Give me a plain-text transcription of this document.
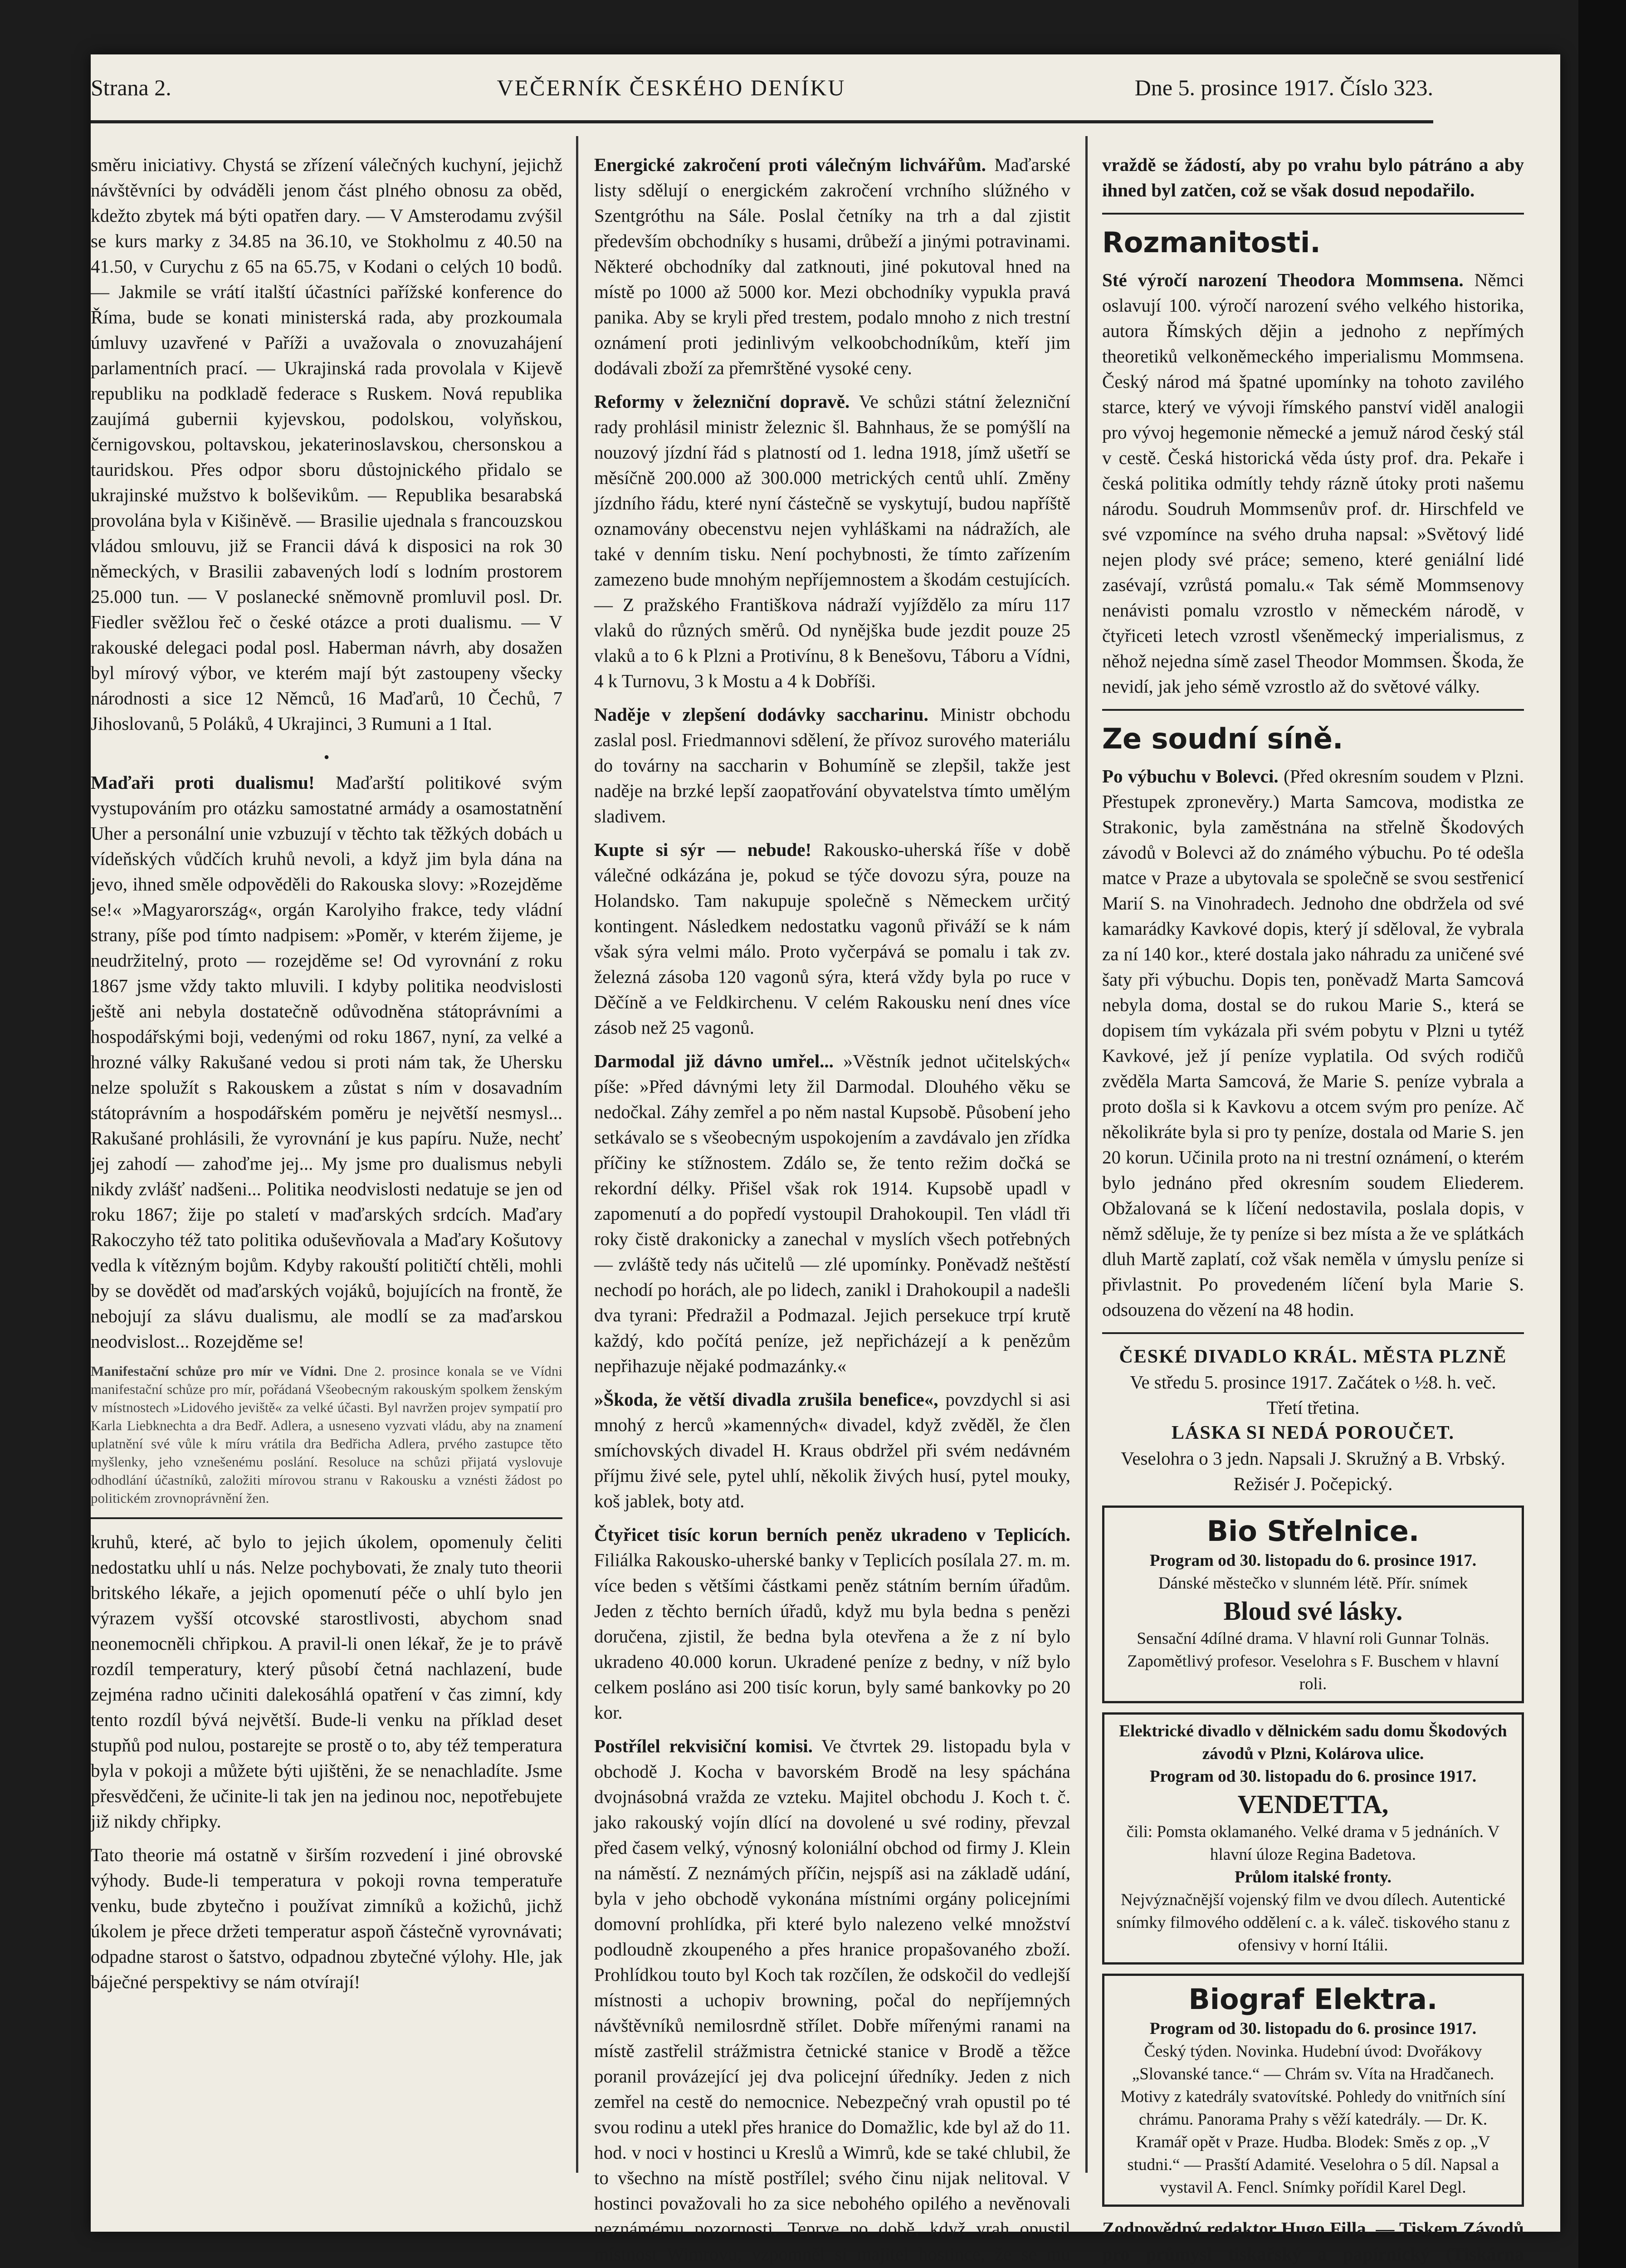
Strana 2.	VEČERNÍK ČESKÉHO DENÍKU	Dne 5. prosince 1917. Číslo 323.

směru iniciativy. Chystá se zřízení válečných kuchyní, jejichž návštěvníci by odváděli jenom část plného obnosu za oběd, kdežto zbytek má býti opatřen dary. — V Amsterodamu zvýšil se kurs marky z 34.85 na 36.10, ve Stokholmu z 40.50 na 41.50, v Curychu z 65 na 65.75, v Kodani o celých 10 bodů. — Jakmile se vrátí italští účastníci pařížské konference do Říma, bude se konati ministerská rada, aby prozkoumala úmluvy uzavřené v Paříži a uvažovala o znovuzahájení parlamentních prací. — Ukrajinská rada provolala v Kijevě republiku na podkladě federace s Ruskem. Nová republika zaujímá gubernii kyjevskou, podolskou, volyňskou, černigovskou, poltavskou, jekaterinoslavskou, chersonskou a tauridskou. Přes odpor sboru důstojnického přidalo se ukrajinské mužstvo k bolševikům. — Republika besarabská provolána byla v Kišiněvě. — Brasilie ujednala s francouzskou vládou smlouvu, již se Francii dává k disposici na rok 30 německých, v Brasilii zabavených lodí s lodním prostorem 25.000 tun. — V poslanecké sněmovně promluvil posl. Dr. Fiedler svěžlou řeč o české otázce a proti dualismu. — V rakouské delegaci podal posl. Haberman návrh, aby dosažen byl mírový výbor, ve kterém mají být zastoupeny všecky národnosti a sice 12 Němců, 16 Maďarů, 10 Čechů, 7 Jihoslovanů, 5 Poláků, 4 Ukrajinci, 3 Rumuni a 1 Ital.

•

Maďaři proti dualismu! Maďarští politikové svým vystupováním pro otázku samostatné armády a osamostatnění Uher a personální unie vzbuzují v těchto tak těžkých dobách u vídeňských vůdčích kruhů nevoli, a když jim byla dána na jevo, ihned směle odpověděli do Rakouska slovy: »Rozejděme se!« »Magyarország«, orgán Karolyiho frakce, tedy vládní strany, píše pod tímto nadpisem: »Poměr, v kterém žijeme, je neudržitelný, proto — rozejděme se! Od vyrovnání z roku 1867 jsme vždy takto mluvili. I kdyby politika neodvislosti ještě ani nebyla dostatečně odůvodněna státoprávními a hospodářskými boji, vedenými od roku 1867, nyní, za velké a hrozné války Rakušané vedou si proti nám tak, že Uhersku nelze spolužít s Rakouskem a zůstat s ním v dosavadním státoprávním a hospodářském poměru je největší nesmysl... Rakušané prohlásili, že vyrovnání je kus papíru. Nuže, nechť jej zahodí — zahoďme jej... My jsme pro dualismus nebyli nikdy zvlášť nadšeni... Politika neodvislosti nedatuje se jen od roku 1867; žije po staletí v maďarských srdcích. Maďary Rakoczyho též tato politika oduševňovala a Maďary Košutovy vedla k vítězným bojům. Kdyby rakouští političtí chtěli, mohli by se dovědět od maďarských vojáků, bojujících na frontě, že nebojují za slávu dualismu, ale modlí se za maďarskou neodvislost... Rozejděme se!

Manifestační schůze pro mír ve Vídni. Dne 2. prosince konala se ve Vídni manifestační schůze pro mír, pořádaná Všeobecným rakouským spolkem ženským v místnostech »Lidového jeviště« za velké účasti. Byl navržen projev sympatií pro Karla Liebknechta a dra Bedř. Adlera, a usneseno vyzvati vládu, aby na znamení uplatnění své vůle k míru vrátila dra Bedřicha Adlera, prvého zastupce těto myšlenky, jeho vznešenému poslání. Resoluce na schůzi přijatá vyslovuje odhodlání účastníků, založiti mírovou stranu v Rakousku a vznésti žádost po politickém zrovnoprávnění žen.

kruhů, které, ač bylo to jejich úkolem, opomenuly čeliti nedostatku uhlí u nás. Nelze pochybovati, že znaly tuto theorii britského lékaře, a jejich opomenutí péče o uhlí bylo jen výrazem vyšší otcovské starostlivosti, abychom snad neonemocněli chřipkou. A pravil-li onen lékař, že je to právě rozdíl temperatury, který působí četná nachlazení, bude zejména radno učiniti dalekosáhlá opatření v čas zimní, kdy tento rozdíl bývá největší. Bude-li venku na příklad deset stupňů pod nulou, postarejte se prostě o to, aby též temperatura byla v pokoji a můžete býti ujištěni, že se nenachladíte. Jsme přesvědčeni, že učinite-li tak jen na jedinou noc, nepotřebujete již nikdy chřipky.

Tato theorie má ostatně v širším rozvedení i jiné obrovské výhody. Bude-li temperatura v pokoji rovna temperatuře venku, bude zbytečno i používat zimníků a kožichů, jichž úkolem je přece držeti temperatur aspoň částečně vyrovnávati; odpadne starost o šatstvo, odpadnou zbytečné výlohy. Hle, jak báječné perspektivy se nám otvírají!

Energické zakročení proti válečným lichvářům. Maďarské listy sdělují o energickém zakročení vrchního slúžného v Szentgróthu na Sále. Poslal četníky na trh a dal zjistit především obchodníky s husami, drůbeží a jinými potravinami. Některé obchodníky dal zatknouti, jiné pokutoval hned na místě po 1000 až 5000 kor. Mezi obchodníky vypukla pravá panika. Aby se kryli před trestem, podalo mnoho z nich trestní oznámení proti jedinlivým velkoobchodníkům, kteří jim dodávali zboží za přemrštěné vysoké ceny.

Reformy v železniční dopravě. Ve schůzi státní železniční rady prohlásil ministr železnic šl. Bahnhaus, že se pomýšlí na nouzový jízdní řád s platností od 1. ledna 1918, jímž ušetří se měsíčně 200.000 až 300.000 metrických centů uhlí. Změny jízdního řádu, které nyní částečně se vyskytují, budou napříště oznamovány obecenstvu nejen vyhláškami na nádražích, ale také v denním tisku. Není pochybnosti, že tímto zařízením zamezeno bude mnohým nepříjemnostem a škodám cestujících. — Z pražského Františkova nádraží vyjíždělo za míru 117 vlaků do různých směrů. Od nynějška bude jezdit pouze 25 vlaků a to 6 k Plzni a Protivínu, 8 k Benešovu, Táboru a Vídni, 4 k Turnovu, 3 k Mostu a 4 k Dobříši.

Naděje v zlepšení dodávky saccharinu. Ministr obchodu zaslal posl. Friedmannovi sdělení, že přívoz surového materiálu do továrny na saccharin v Bohumíně se zlepšil, takže jest naděje na brzké lepší zaopatřování obyvatelstva tímto umělým sladivem.

Kupte si sýr — nebude! Rakousko-uherská říše v době válečné odkázána je, pokud se týče dovozu sýra, pouze na Holandsko. Tam nakupuje společně s Německem určitý kontingent. Následkem nedostatku vagonů přiváží se k nám však sýra velmi málo. Proto vyčerpává se pomalu i tak zv. železná zásoba 120 vagonů sýra, která vždy byla po ruce v Děčíně a ve Feldkirchenu. V celém Rakousku není dnes více zásob než 25 vagonů.

Darmodal již dávno umřel... »Věstník jednot učitelských« píše: »Před dávnými lety žil Darmodal. Dlouhého věku se nedočkal. Záhy zemřel a po něm nastal Kupsobě. Působení jeho setkávalo se s všeobecným uspokojením a zavdávalo jen zřídka příčiny ke stížnostem. Zdálo se, že tento režim dočká se rekordní délky. Přišel však rok 1914. Kupsobě upadl v zapomenutí a do popředí vystoupil Drahokoupil. Ten vládl tři roky čistě drakonicky a zanechal v myslích všech potřebných — zvláště tedy nás učitelů — zlé upomínky. Poněvadž neštěstí nechodí po horách, ale po lidech, zanikl i Drahokoupil a nadešli dva tyrani: Předražil a Podmazal. Jejich persekuce trpí krutě každý, kdo počítá peníze, jež nepřicházejí a k penězům nepřihazuje nějaké podmazánky.«

»Škoda, že větší divadla zrušila benefice«, povzdychl si asi mnohý z herců »kamenných« divadel, když zvěděl, že člen smíchovských divadel H. Kraus obdržel při svém nedávném příjmu živé sele, pytel uhlí, několik živých husí, pytel mouky, koš jablek, boty atd.

Čtyřicet tisíc korun berních peněz ukradeno v Teplicích. Filiálka Rakousko-uherské banky v Teplicích posílala 27. m. m. více beden s většími částkami peněz státním berním úřadům. Jeden z těchto berních úřadů, když mu byla bedna s penězi doručena, zjistil, že bedna byla otevřena a že z ní bylo ukradeno 40.000 korun. Ukradené peníze z bedny, v níž bylo celkem posláno asi 200 tisíc korun, byly samé bankovky po 20 kor.

Postřílel rekvisiční komisi. Ve čtvrtek 29. listopadu byla v obchodě J. Kocha v bavorském Brodě na lesy spáchána dvojnásobná vražda ze vzteku. Majitel obchodu J. Koch t. č. jako rakouský vojín dlící na dovolené u své rodiny, převzal před časem velký, výnosný koloniální obchod od firmy J. Klein na náměstí. Z neznámých příčin, nejspíš asi na základě udání, byla v jeho obchodě vykonána místními orgány policejními domovní prohlídka, při které bylo nalezeno velké množství podloudně zkoupeného a přes hranice propašovaného zboží. Prohlídkou touto byl Koch tak rozčílen, že odskočil do vedlejší místnosti a uchopiv browning, počal do nepříjemných návštěvníků nemilosrdně střílet. Dobře mířenými ranami na místě zastřelil strážmistra četnické stanice v Brodě a těžce poranil provázející jej dva policejní úředníky. Jeden z nich zemřel na cestě do nemocnice. Nebezpečný vrah opustil po té svou rodinu a utekl přes hranice do Domažlic, kde byl až do 11. hod. v noci v hostinci u Kreslů a Wimrů, kde se také chlubil, že to všechno na místě postřílel; svého činu nijak nelitoval. V hostinci považovali ho za sice nebohého opilého a nevěnovali neznámému pozornosti. Teprve po době, když vrah opustil místnost Wimrovu, vzpomněl si majitel hostince, že se mu

vraždě se žádostí, aby po vrahu bylo pátráno a aby ihned byl zatčen, což se však dosud nepodařilo.

Rozmanitosti.

Sté výročí narození Theodora Mommsena. Němci oslavují 100. výročí narození svého velkého historika, autora Římských dějin a jednoho z nepřímých theoretiků velkoněmeckého imperialismu Mommsena. Český národ má špatné upomínky na tohoto zavilého starce, který ve vývoji římského panství viděl analogii pro vývoj hegemonie německé a jemuž národ český stál v cestě. Česká historická věda ústy prof. dra. Pekaře i česká politika odmítly tehdy rázně útoky proti našemu národu. Soudruh Mommsenův prof. dr. Hirschfeld ve své vzpomínce na svého druha napsal: »Světový lidé nejen plody své práce; semeno, které geniální lidé zasévají, vzrůstá pomalu.« Tak sémě Mommsenovy nenávisti pomalu vzrostlo v německém národě, v čtyřiceti letech vzrostl všeněmecký imperialismus, z něhož nejedna símě zasel Theodor Mommsen. Škoda, že nevidí, jak jeho sémě vzrostlo až do světové války.

Ze soudní síně.

Po výbuchu v Bolevci. (Před okresním soudem v Plzni. Přestupek zpronevěry.) Marta Samcova, modistka ze Strakonic, byla zaměstnána na střelně Škodových závodů v Bolevci až do známého výbuchu. Po té odešla matce v Praze a ubytovala se společně se svou sestřenicí Marií S. na Vinohradech. Jednoho dne obdržela od své kamarádky Kavkové dopis, který jí sděloval, že vybrala za ní 140 kor., které dostala jako náhradu za uničené své šaty při výbuchu. Dopis ten, poněvadž Marta Samcová nebyla doma, dostal se do rukou Marie S., která se dopisem tím vykázala při svém pobytu v Plzni u tytéž Kavkové, jež jí peníze vyplatila. Od svých rodičů zvěděla Marta Samcová, že Marie S. peníze vybrala a proto došla si k Kavkovu a otcem svým pro peníze. Ač několikráte byla si pro ty peníze, dostala od Marie S. jen 20 korun. Učinila proto na ni trestní oznámení, o kterém bylo jednáno před okresním soudem Eliederem. Obžalovaná se k líčení nedostavila, poslala dopis, v němž sděluje, že ty peníze si bez místa a že ve splátkách dluh Martě zaplatí, což však neměla v úmyslu peníze si přivlastnit. Po provedeném líčení byla Marie S. odsouzena do vězení na 48 hodin.

ČESKÉ DIVADLO KRÁL. MĚSTA PLZNĚ
Ve středu 5. prosince 1917. Začátek o ½8. h. več.
Třetí třetina.
LÁSKA SI NEDÁ POROUČET.
Veselohra o 3 jedn. Napsali J. Skružný a B. Vrbský. Režisér J. Počepický.
Bio Střelnice.
Program od 30. listopadu do 6. prosince 1917.
Dánské městečko v slunném létě. Přír. snímek
Bloud své lásky.
Sensační 4dílné drama. V hlavní roli Gunnar Tolnäs.
Zapomětlivý profesor. Veselohra s F. Buschem v hlavní roli.
Elektrické divadlo v dělnickém sadu domu Škodových závodů v Plzni, Kolárova ulice.
Program od 30. listopadu do 6. prosince 1917.
VENDETTA,
čili: Pomsta oklamaného. Velké drama v 5 jednáních. V hlavní úloze Regina Badetova.
Průlom italské fronty.
Nejvýznačnější vojenský film ve dvou dílech. Autentické snímky filmového oddělení c. a k. váleč. tiskového stanu z ofensivy v horní Itálii.
Biograf Elektra.
Program od 30. listopadu do 6. prosince 1917.
Český týden. Novinka. Hudební úvod: Dvořákovy „Slovanské tance.“ — Chrám sv. Víta na Hradčanech. Motivy z katedrály svatovítské. Pohledy do vnitřních síní chrámu. Panorama Prahy s věží katedrály. — Dr. K. Kramář opět v Praze. Hudba. Blodek: Směs z op. „V studni.“ — Prasští Adamité. Veselohra o 5 díl. Napsal a vystavil A. Fencl. Snímky pořídil Karel Degl.

Zodpovědný redaktor Hugo Filla. — Tiskem Závodů pro průmysl tiskařský a papírnický (Tiskárna
